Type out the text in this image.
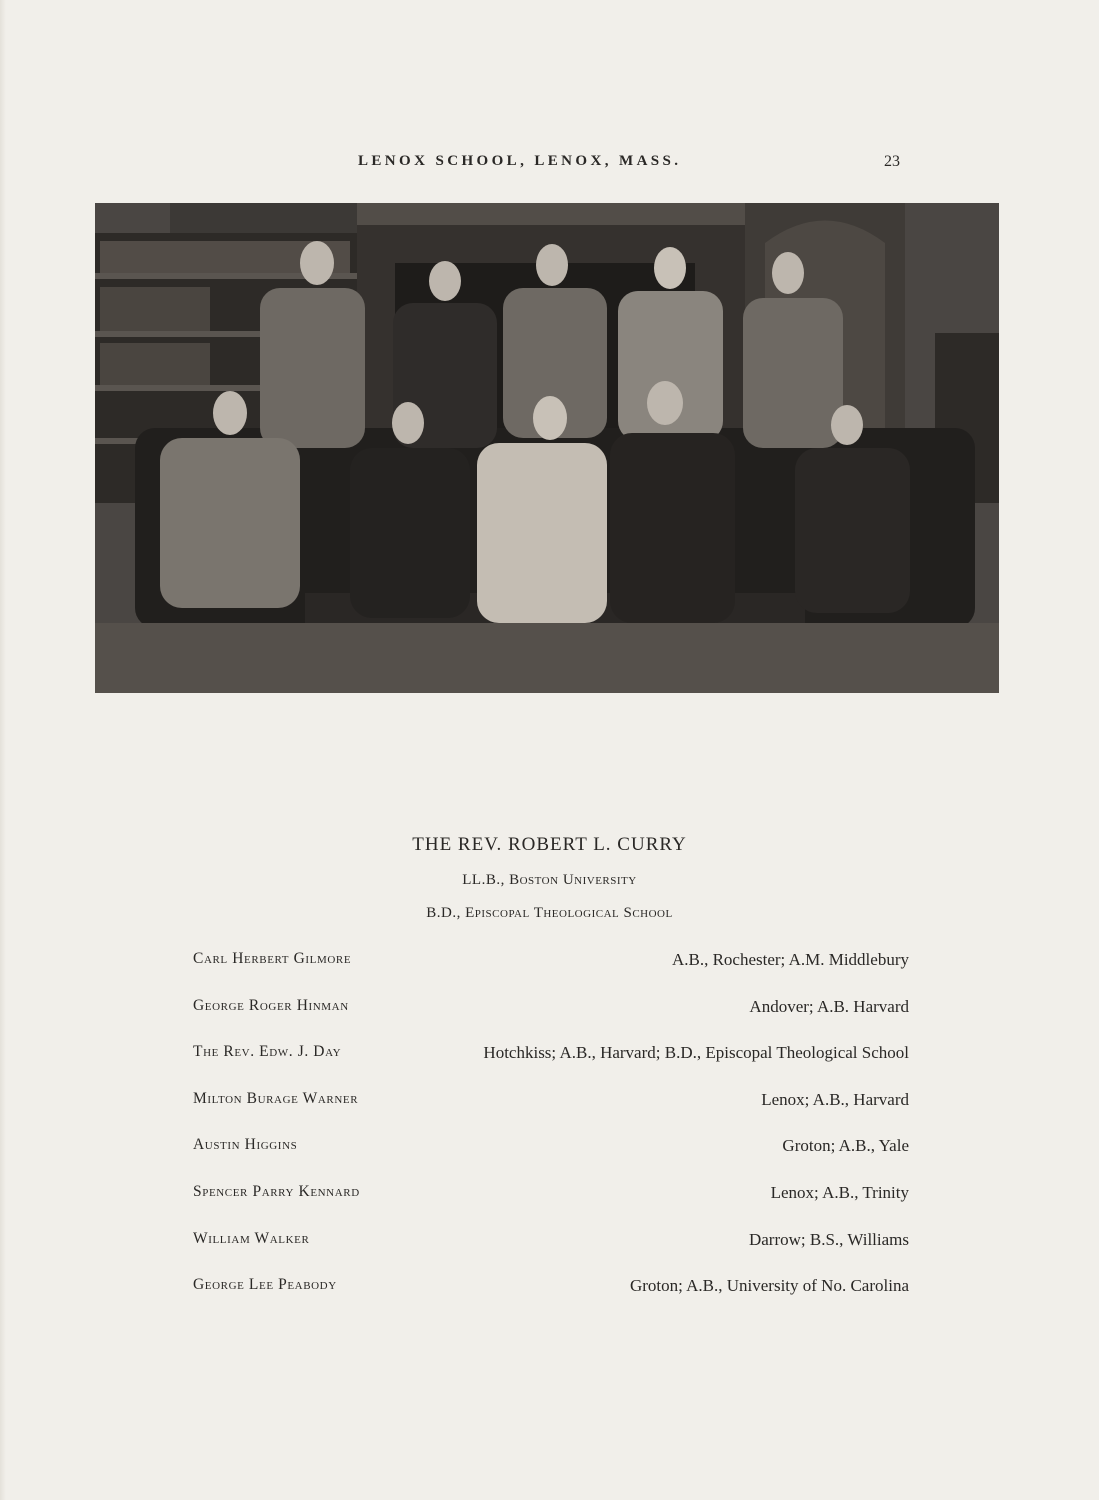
LENOX SCHOOL, LENOX, MASS.	23
THE REV. ROBERT L. CURRY
LL.B., Boston University
B.D., Episcopal Theological School
Carl Herbert Gilmore	A.B., Rochester; A.M. Middlebury
George Roger Hinman	Andover; A.B. Harvard
The Rev. Edw. J. Day	Hotchkiss; A.B., Harvard; B.D., Episcopal Theological School
Milton Burage Warner	Lenox; A.B., Harvard
Austin Higgins	Groton; A.B., Yale
Spencer Parry Kennard	Lenox; A.B., Trinity
William Walker	Darrow; B.S., Williams
George Lee Peabody	Groton; A.B., University of No. Carolina
